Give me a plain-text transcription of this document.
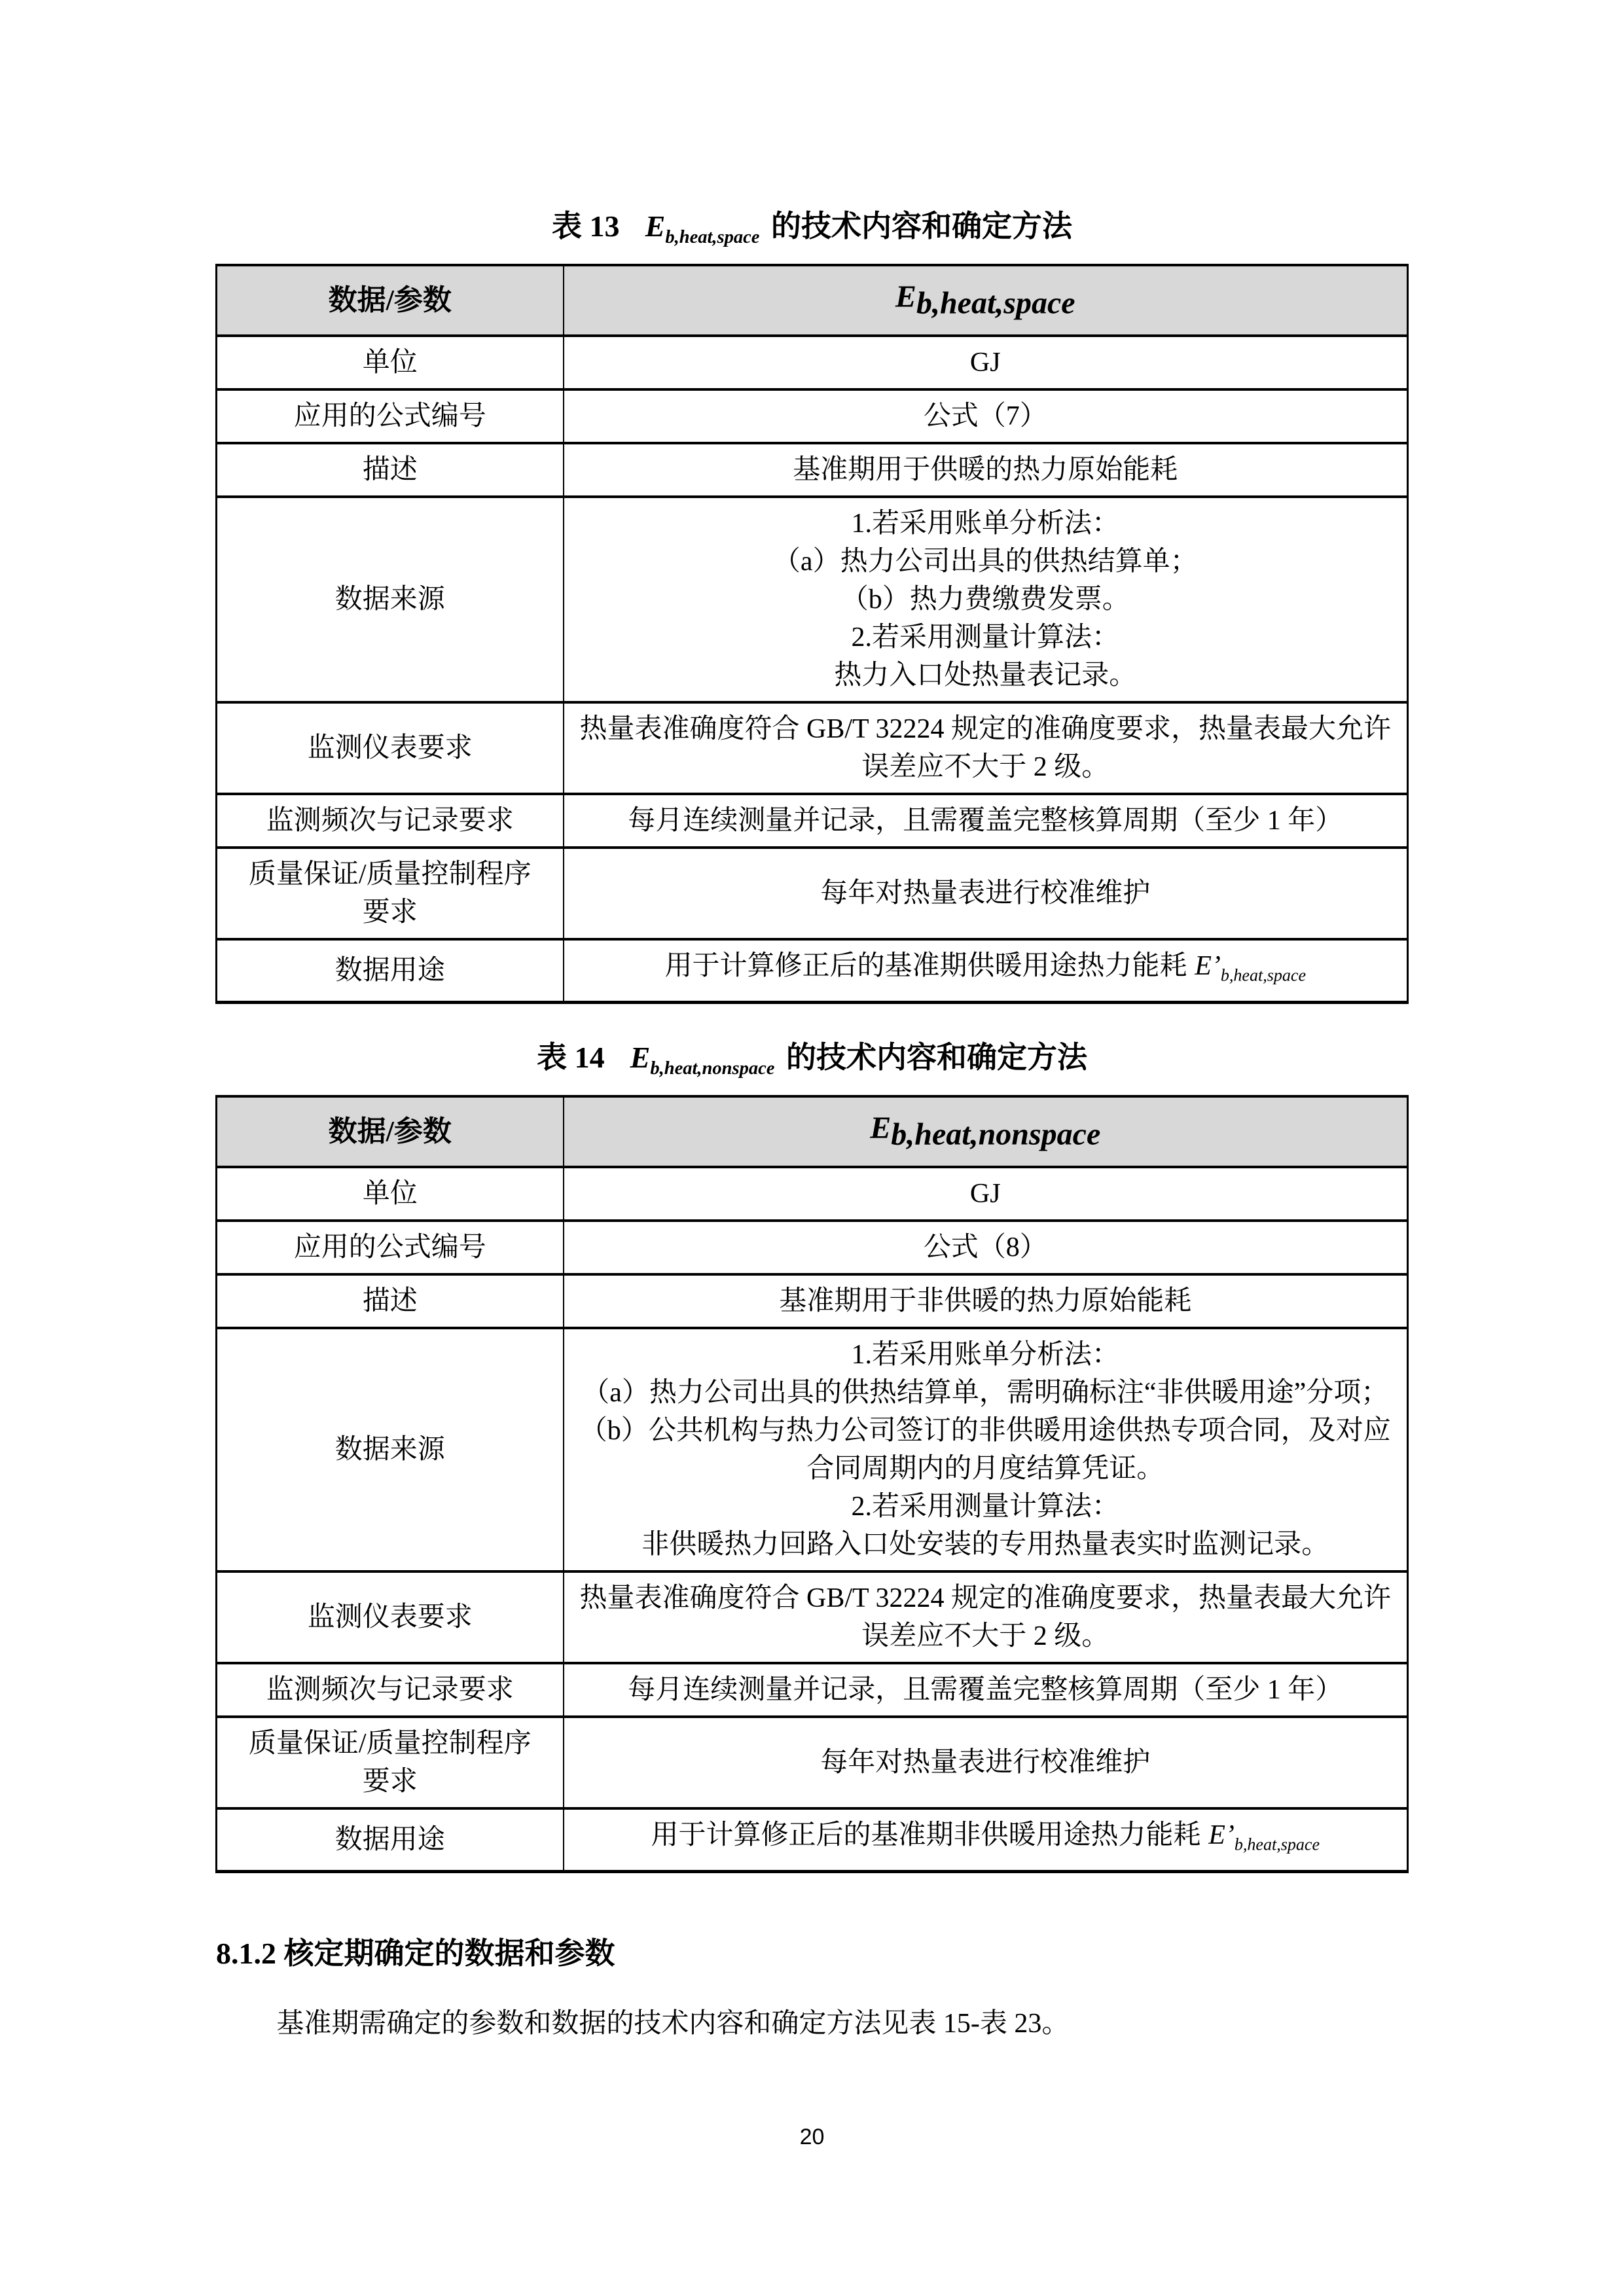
表 13 $E_{b,heat,space}$ 的技术内容和确定方法
数据/参数	$E_{b,heat,space}$
单位	GJ

应用的公式编号	公式（7）

描述	基准期用于供暖的热力原始能耗

数据来源	1.若采用账单分析法：
（a）热力公司出具的供热结算单；
（b）热力费缴费发票。
2.若采用测量计算法：
热力入口处热量表记录。

监测仪表要求	热量表准确度符合 GB/T 32224 规定的准确度要求，热量表最大允许误差应不大于 2 级。

监测频次与记录要求	每月连续测量并记录，且需覆盖完整核算周期（至少 1 年）

质量保证/质量控制程序要求	每年对热量表进行校准维护

数据用途	用于计算修正后的基准期供暖用途热力能耗 $E’_{b,heat,space}$
表 14 $E_{b,heat,nonspace}$ 的技术内容和确定方法
数据/参数	$E_{b,heat,nonspace}$
单位	GJ

应用的公式编号	公式（8）

描述	基准期用于非供暖的热力原始能耗

数据来源	1.若采用账单分析法：
（a）热力公司出具的供热结算单，需明确标注“非供暖用途”分项；
（b）公共机构与热力公司签订的非供暖用途供热专项合同，及对应合同周期内的月度结算凭证。
2.若采用测量计算法：
非供暖热力回路入口处安装的专用热量表实时监测记录。

监测仪表要求	热量表准确度符合 GB/T 32224 规定的准确度要求，热量表最大允许误差应不大于 2 级。

监测频次与记录要求	每月连续测量并记录，且需覆盖完整核算周期（至少 1 年）

质量保证/质量控制程序要求	每年对热量表进行校准维护

数据用途	用于计算修正后的基准期非供暖用途热力能耗 $E’_{b,heat,space}$
8.1.2 核定期确定的数据和参数
基准期需确定的参数和数据的技术内容和确定方法见表 15-表 23。
20
